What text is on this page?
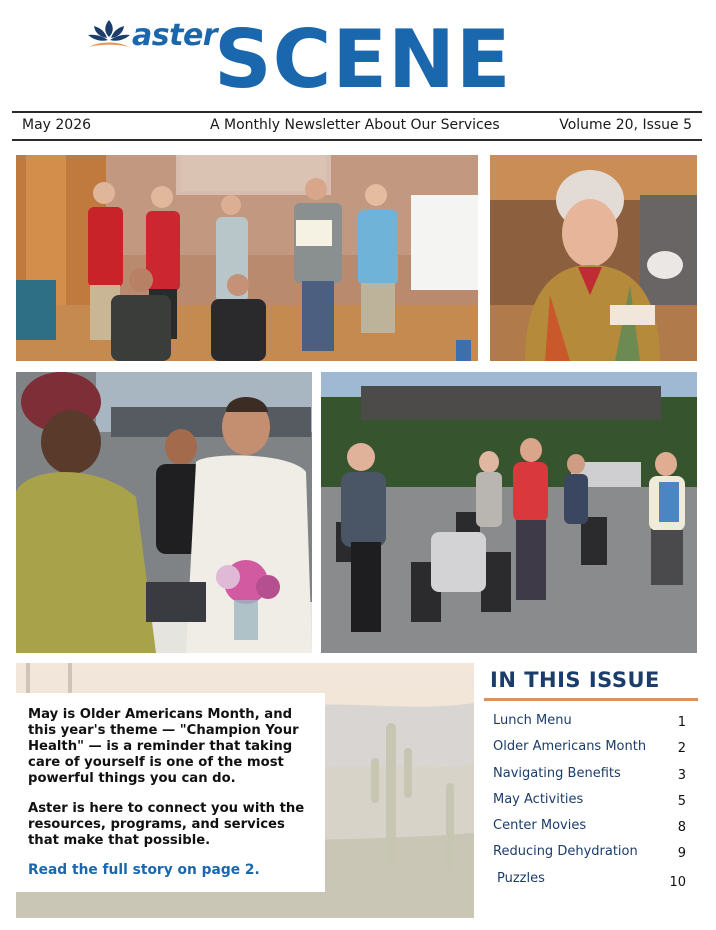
aster
SCENE
May 2026	A Monthly Newsletter About Our Services	Volume 20, Issue 5

May is Older Americans Month, and this year's theme — "Champion Your Health" — is a reminder that taking care of yourself is one of the most powerful things you can do.

Aster is here to connect you with the resources, programs, and services that make that possible.

Read the full story on page 2.

IN THIS ISSUE
Lunch Menu	1
Older Americans Month 2
Navigating Benefits	3
May Activities	5
Center Movies	8
Reducing Dehydration	9
Puzzles	10
